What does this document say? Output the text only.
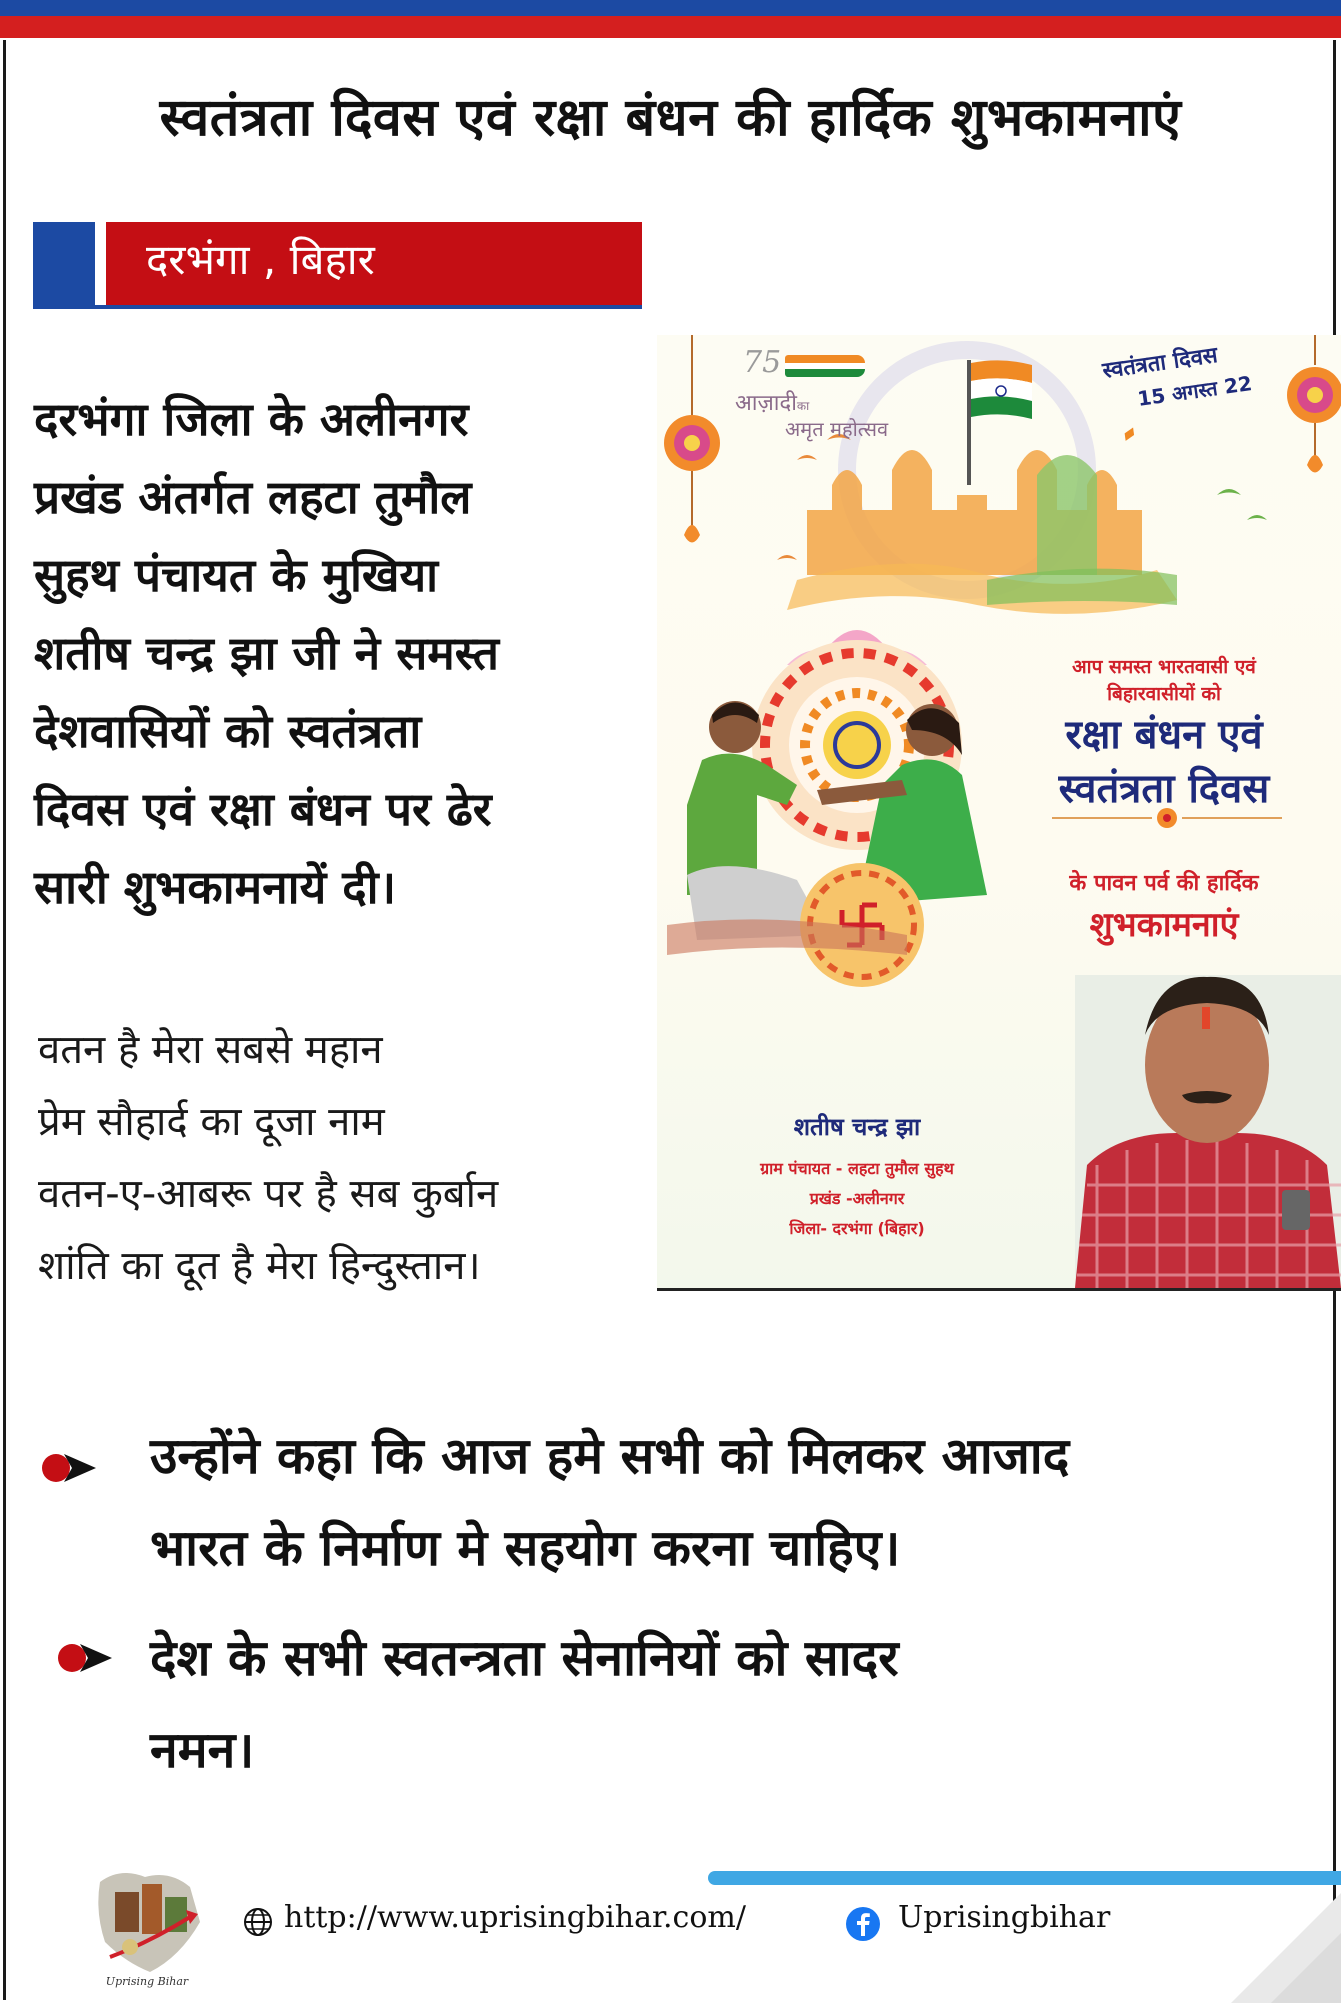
स्वतंत्रता दिवस एवं रक्षा बंधन की हार्दिक शुभकामनाएं
दरभंगा , बिहार
दरभंगा जिला के अलीनगर
प्रखंड अंतर्गत लहटा तुमौल
सुहथ पंचायत के मुखिया
शतीष चन्द्र झा जी ने समस्त
देशवासियों को स्वतंत्रता
दिवस एवं रक्षा बंधन पर ढेर
सारी शुभकामनायें दी।
वतन है मेरा सबसे महान
प्रेम सौहार्द का दूजा नाम
वतन-ए-आबरू पर है सब कुर्बान
शांति का दूत है मेरा हिन्दुस्तान।
75
आज़ादीका
अमृत महोत्सव
स्वतंत्रता दिवस
15 अगस्त 22
▰
आप समस्त भारतवासी एवं
बिहारवासीयों को
रक्षा बंधन एवं
स्वतंत्रता दिवस
के पावन पर्व की हार्दिक
शुभकामनाएं
शतीष चन्द्र झा
ग्राम पंचायत - लहटा तुमौल सुहथ
प्रखंड -अलीनगर
जिला- दरभंगा (बिहार)
उन्होंने कहा कि आज हमे सभी को मिलकर आजाद
भारत के निर्माण मे सहयोग करना चाहिए।
देश के सभी स्वतन्त्रता सेनानियों को सादर
नमन।
Uprising Bihar
http://www.uprisingbihar.com/	Uprisingbihar
